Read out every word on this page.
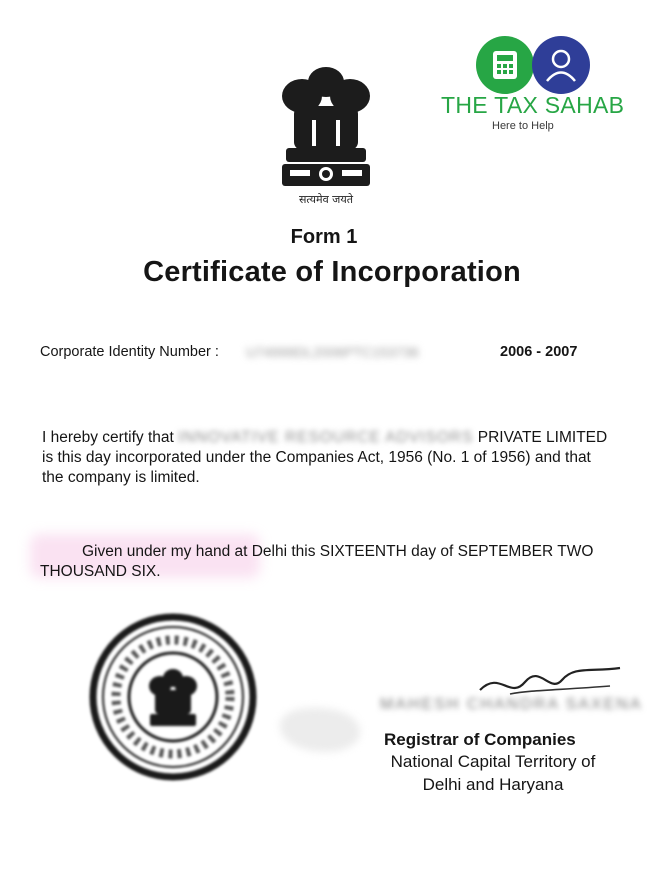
सत्यमेव जयते
THE TAX SAHAB
Here to Help
Form 1
Certificate of Incorporation
Corporate Identity Number : U74999DL2006PTC153736	2006 - 2007
I hereby certify that INNOVATIVE RESOURCE ADVISORS PRIVATE LIMITED is this day incorporated under the Companies Act, 1956 (No. 1 of 1956) and that the company is limited.
Given under my hand at Delhi this SIXTEENTH day of SEPTEMBER TWO THOUSAND SIX.
MAHESH CHANDRA SAXENA
Registrar of Companies
National Capital Territory of
Delhi and Haryana
